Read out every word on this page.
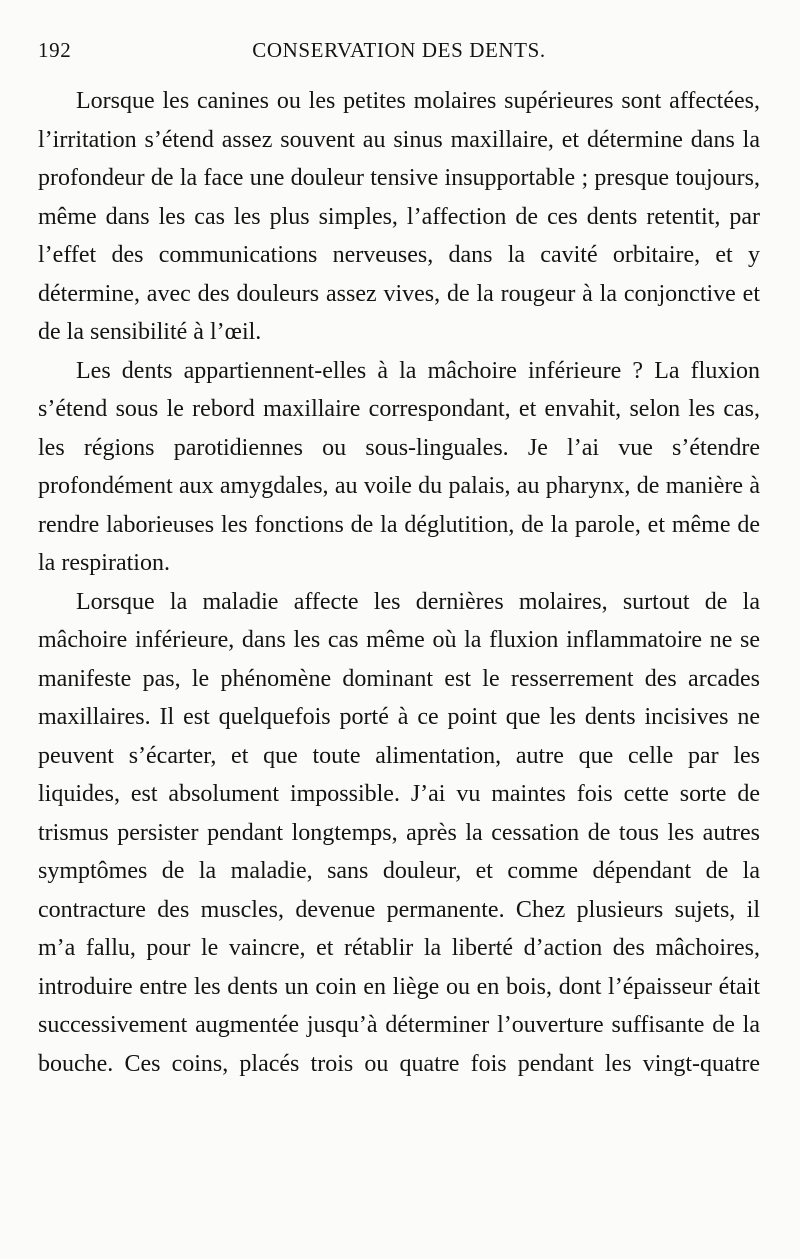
192	CONSERVATION DES DENTS.

Lorsque les canines ou les petites molaires supérieures sont affectées, l’irritation s’étend assez souvent au sinus maxillaire, et détermine dans la profondeur de la face une douleur tensive insupportable ; presque toujours, même dans les cas les plus simples, l’affection de ces dents retentit, par l’effet des communications nerveuses, dans la cavité orbitaire, et y détermine, avec des douleurs assez vives, de la rougeur à la conjonctive et de la sensibilité à l’œil.

Les dents appartiennent-elles à la mâchoire inférieure ? La fluxion s’étend sous le rebord maxillaire correspondant, et envahit, selon les cas, les régions parotidiennes ou sous-linguales. Je l’ai vue s’étendre profondément aux amygdales, au voile du palais, au pharynx, de manière à rendre laborieuses les fonctions de la déglutition, de la parole, et même de la respiration.

Lorsque la maladie affecte les dernières molaires, surtout de la mâchoire inférieure, dans les cas même où la fluxion inflammatoire ne se manifeste pas, le phénomène dominant est le resserrement des arcades maxillaires. Il est quelquefois porté à ce point que les dents incisives ne peuvent s’écarter, et que toute alimentation, autre que celle par les liquides, est absolument impossible. J’ai vu maintes fois cette sorte de trismus persister pendant longtemps, après la cessation de tous les autres symptômes de la maladie, sans douleur, et comme dépendant de la contracture des muscles, devenue permanente. Chez plusieurs sujets, il m’a fallu, pour le vaincre, et rétablir la liberté d’action des mâchoires, introduire entre les dents un coin en liège ou en bois, dont l’épaisseur était successivement augmentée jusqu’à déterminer l’ouverture suffisante de la bouche. Ces coins, placés trois ou quatre fois pendant les vingt-quatre
